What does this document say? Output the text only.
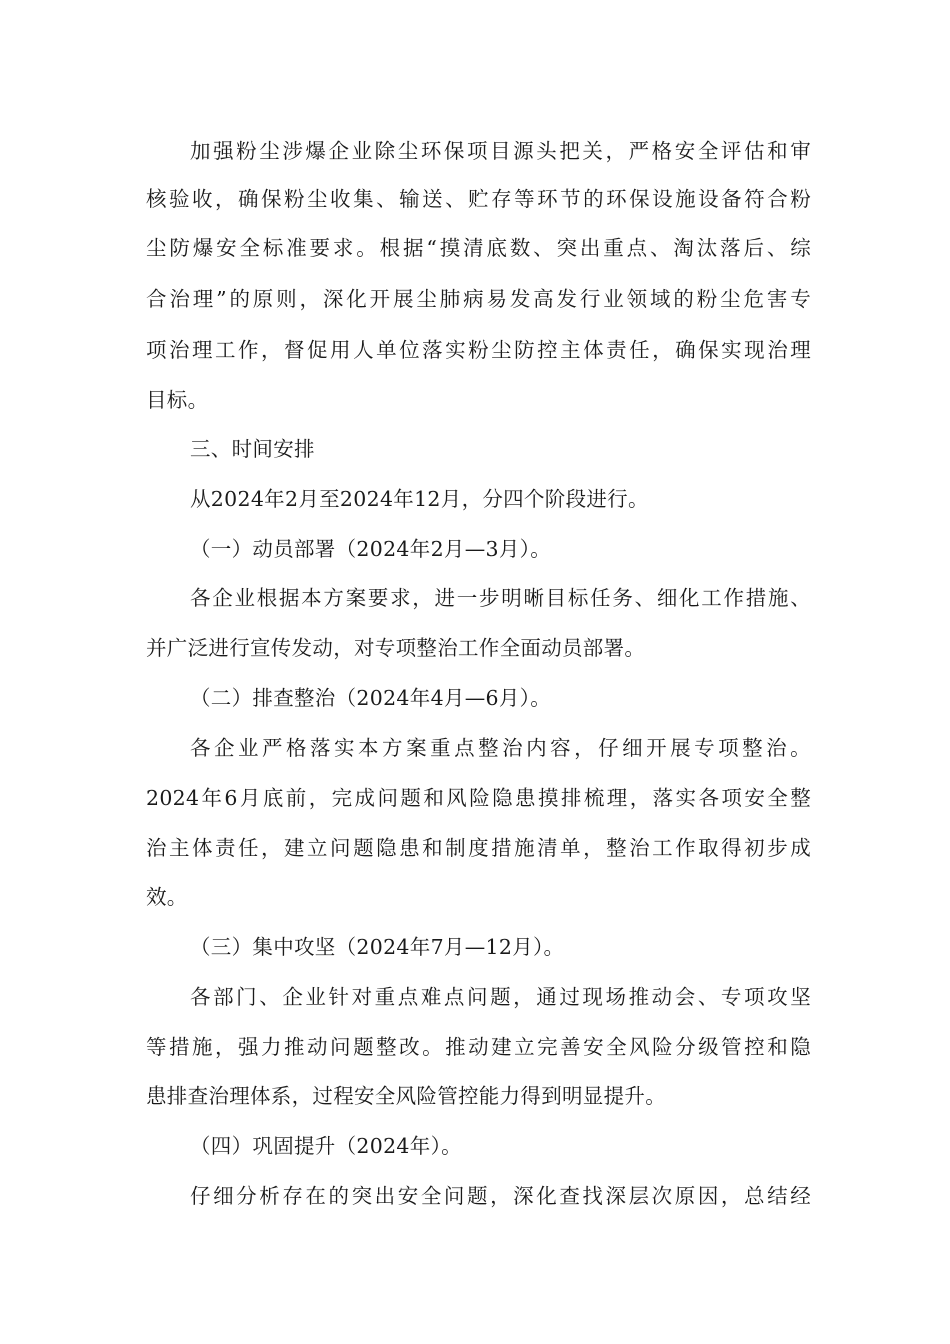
加强粉尘涉爆企业除尘环保项目源头把关，严格安全评估和审
核验收，确保粉尘收集、输送、贮存等环节的环保设施设备符合粉
尘防爆安全标准要求。根据“摸清底数、突出重点、淘汰落后、综
合治理”的原则，深化开展尘肺病易发高发行业领域的粉尘危害专
项治理工作，督促用人单位落实粉尘防控主体责任，确保实现治理
目标。
三、时间安排
从2024年2月至2024年12月，分四个阶段进行。
（一）动员部署（2024年2月—3月）。
各企业根据本方案要求，进一步明晰目标任务、细化工作措施、
并广泛进行宣传发动，对专项整治工作全面动员部署。
（二）排查整治（2024年4月—6月）。
各企业严格落实本方案重点整治内容，仔细开展专项整治。
2024年6月底前，完成问题和风险隐患摸排梳理，落实各项安全整
治主体责任，建立问题隐患和制度措施清单，整治工作取得初步成
效。
（三）集中攻坚（2024年7月—12月）。
各部门、企业针对重点难点问题，通过现场推动会、专项攻坚
等措施，强力推动问题整改。推动建立完善安全风险分级管控和隐
患排查治理体系，过程安全风险管控能力得到明显提升。
（四）巩固提升（2024年）。
仔细分析存在的突出安全问题，深化查找深层次原因，总结经
